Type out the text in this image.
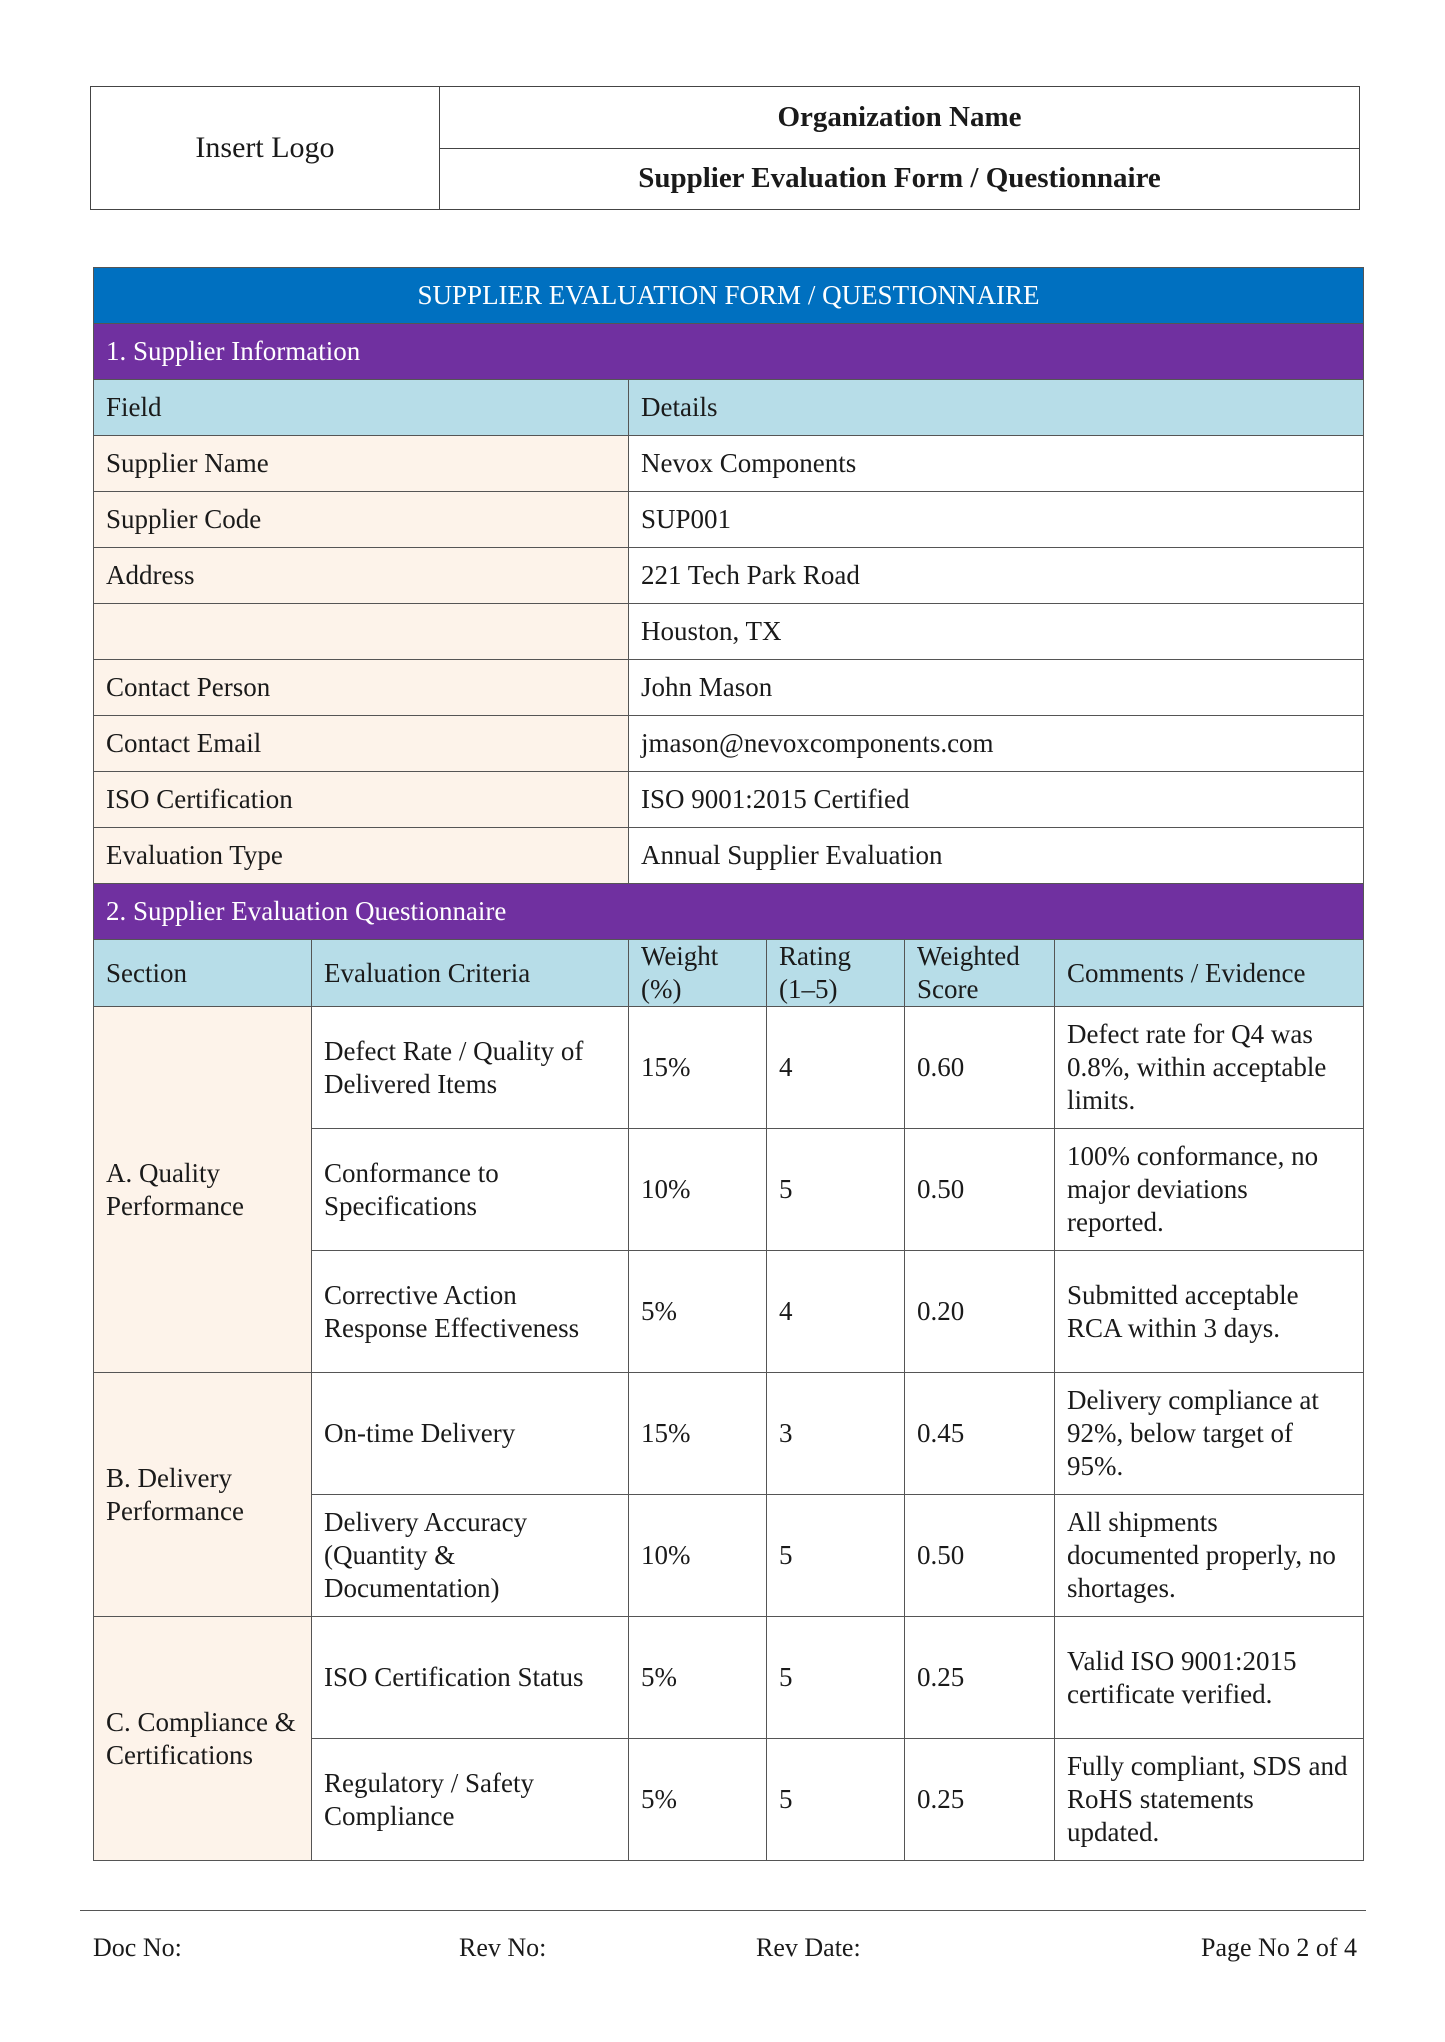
Insert Logo
Organization Name
Supplier Evaluation Form / Questionnaire
SUPPLIER EVALUATION FORM / QUESTIONNAIRE					
1. Supplier Information					
Field		Details			
Supplier Name		Nevox Components			
Supplier Code		SUP001			
Address		221 Tech Park Road			
		Houston, TX			
Contact Person		John Mason			
Contact Email		jmason@nevoxcomponents.com			
ISO Certification		ISO 9001:2015 Certified			
Evaluation Type		Annual Supplier Evaluation			
2. Supplier Evaluation Questionnaire					
Section	Evaluation Criteria	Weight (%)	Rating (1–5)	Weighted Score	Comments / Evidence
A. Quality Performance	Defect Rate / Quality of Delivered Items	15%	4	0.60	Defect rate for Q4 was 0.8%, within acceptable limits.
	Conformance to Specifications	10%	5	0.50	100% conformance, no major deviations reported.
	Corrective Action Response Effectiveness	5%	4	0.20	Submitted acceptable RCA within 3 days.
B. Delivery Performance	On-time Delivery	15%	3	0.45	Delivery compliance at 92%, below target of 95%.
	Delivery Accuracy (Quantity & Documentation)	10%	5	0.50	All shipments documented properly, no shortages.
C. Compliance & Certifications	ISO Certification Status	5%	5	0.25	Valid ISO 9001:2015 certificate verified.
	Regulatory / Safety Compliance	5%	5	0.25	Fully compliant, SDS and RoHS statements updated.
Doc No:	Rev No:	Rev Date:	Page No 2 of 4
